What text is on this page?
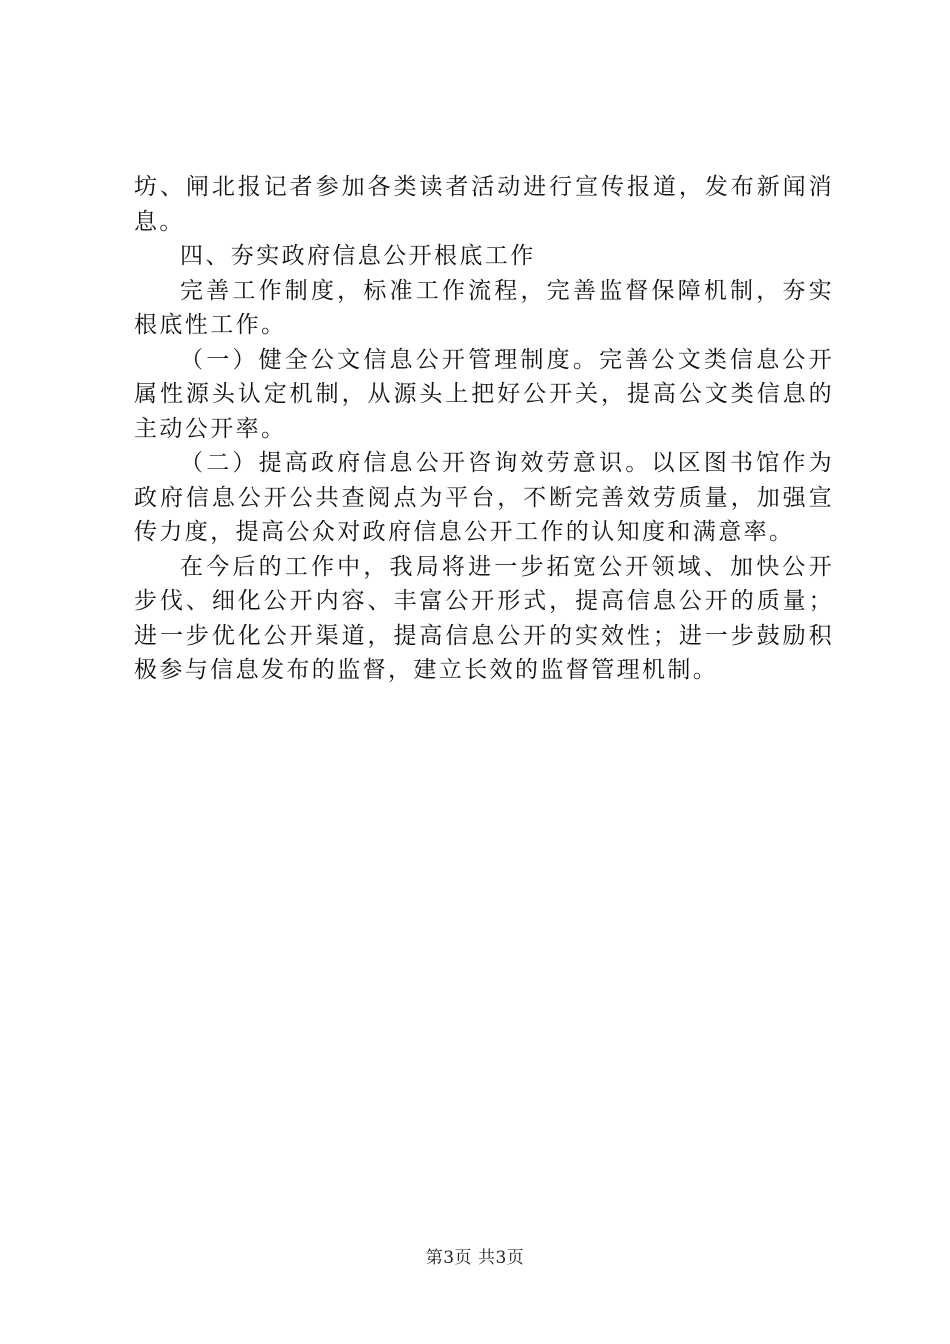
坊、闸北报记者参加各类读者活动进行宣传报道，发布新闻消息。

四、夯实政府信息公开根底工作

完善工作制度，标准工作流程，完善监督保障机制，夯实根底性工作。

（一）健全公文信息公开管理制度。完善公文类信息公开属性源头认定机制，从源头上把好公开关，提高公文类信息的主动公开率。

（二）提高政府信息公开咨询效劳意识。以区图书馆作为政府信息公开公共查阅点为平台，不断完善效劳质量，加强宣传力度，提高公众对政府信息公开工作的认知度和满意率。

在今后的工作中，我局将进一步拓宽公开领域、加快公开步伐、细化公开内容、丰富公开形式，提高信息公开的质量；进一步优化公开渠道，提高信息公开的实效性；进一步鼓励积极参与信息发布的监督，建立长效的监督管理机制。

第3页 共3页
